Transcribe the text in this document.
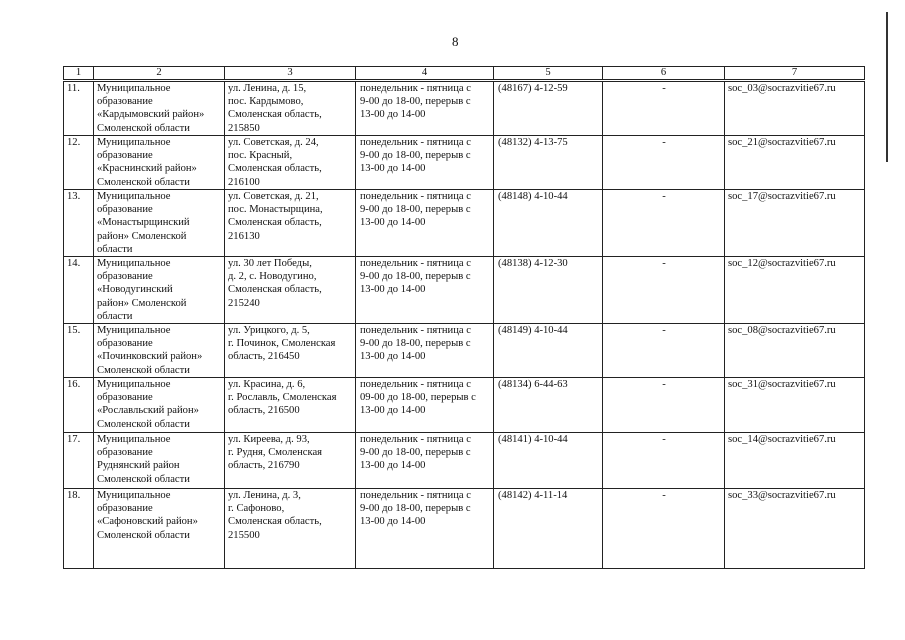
8
1	2	3	4	5	6	7
11.	Муниципальное
образование
«Кардымовский район»
Смоленской области	ул. Ленина, д. 15,
пос. Кардымово,
Смоленская область,
215850	понедельник - пятница с
9-00 до 18-00, перерыв с
13-00 до 14-00	(48167) 4-12-59	-	soc_03@socrazvitie67.ru
12.	Муниципальное
образование
«Краснинский район»
Смоленской области	ул. Советская, д. 24,
пос. Красный,
Смоленская область,
216100	понедельник - пятница с
9-00 до 18-00, перерыв с
13-00 до 14-00	(48132) 4-13-75	-	soc_21@socrazvitie67.ru
13.	Муниципальное
образование
«Монастырщинский
район» Смоленской
области	ул. Советская, д. 21,
пос. Монастырщина,
Смоленская область,
216130	понедельник - пятница с
9-00 до 18-00, перерыв с
13-00 до 14-00	(48148) 4-10-44	-	soc_17@socrazvitie67.ru
14.	Муниципальное
образование
«Новодугинский
район» Смоленской
области	ул. 30 лет Победы,
д. 2, с. Новодугино,
Смоленская область,
215240	понедельник - пятница с
9-00 до 18-00, перерыв с
13-00 до 14-00	(48138) 4-12-30	-	soc_12@socrazvitie67.ru
15.	Муниципальное
образование
«Починковский район»
Смоленской области	ул. Урицкого, д. 5,
г. Починок, Смоленская
область, 216450	понедельник - пятница с
9-00 до 18-00, перерыв с
13-00 до 14-00	(48149) 4-10-44	-	soc_08@socrazvitie67.ru
16.	Муниципальное
образование
«Рославльский район»
Смоленской области	ул. Красина, д. 6,
г. Рославль, Смоленская
область, 216500	понедельник - пятница с
09-00 до 18-00, перерыв с
13-00 до 14-00	(48134) 6-44-63	-	soc_31@socrazvitie67.ru
17.	Муниципальное
образование
Руднянский район
Смоленской области	ул. Киреева, д. 93,
г. Рудня, Смоленская
область, 216790	понедельник - пятница с
9-00 до 18-00, перерыв с
13-00 до 14-00	(48141) 4-10-44	-	soc_14@socrazvitie67.ru
18.	Муниципальное
образование
«Сафоновский район»
Смоленской области	ул. Ленина, д. 3,
г. Сафоново,
Смоленская область,
215500	понедельник - пятница с
9-00 до 18-00, перерыв с
13-00 до 14-00	(48142) 4-11-14	-	soc_33@socrazvitie67.ru
